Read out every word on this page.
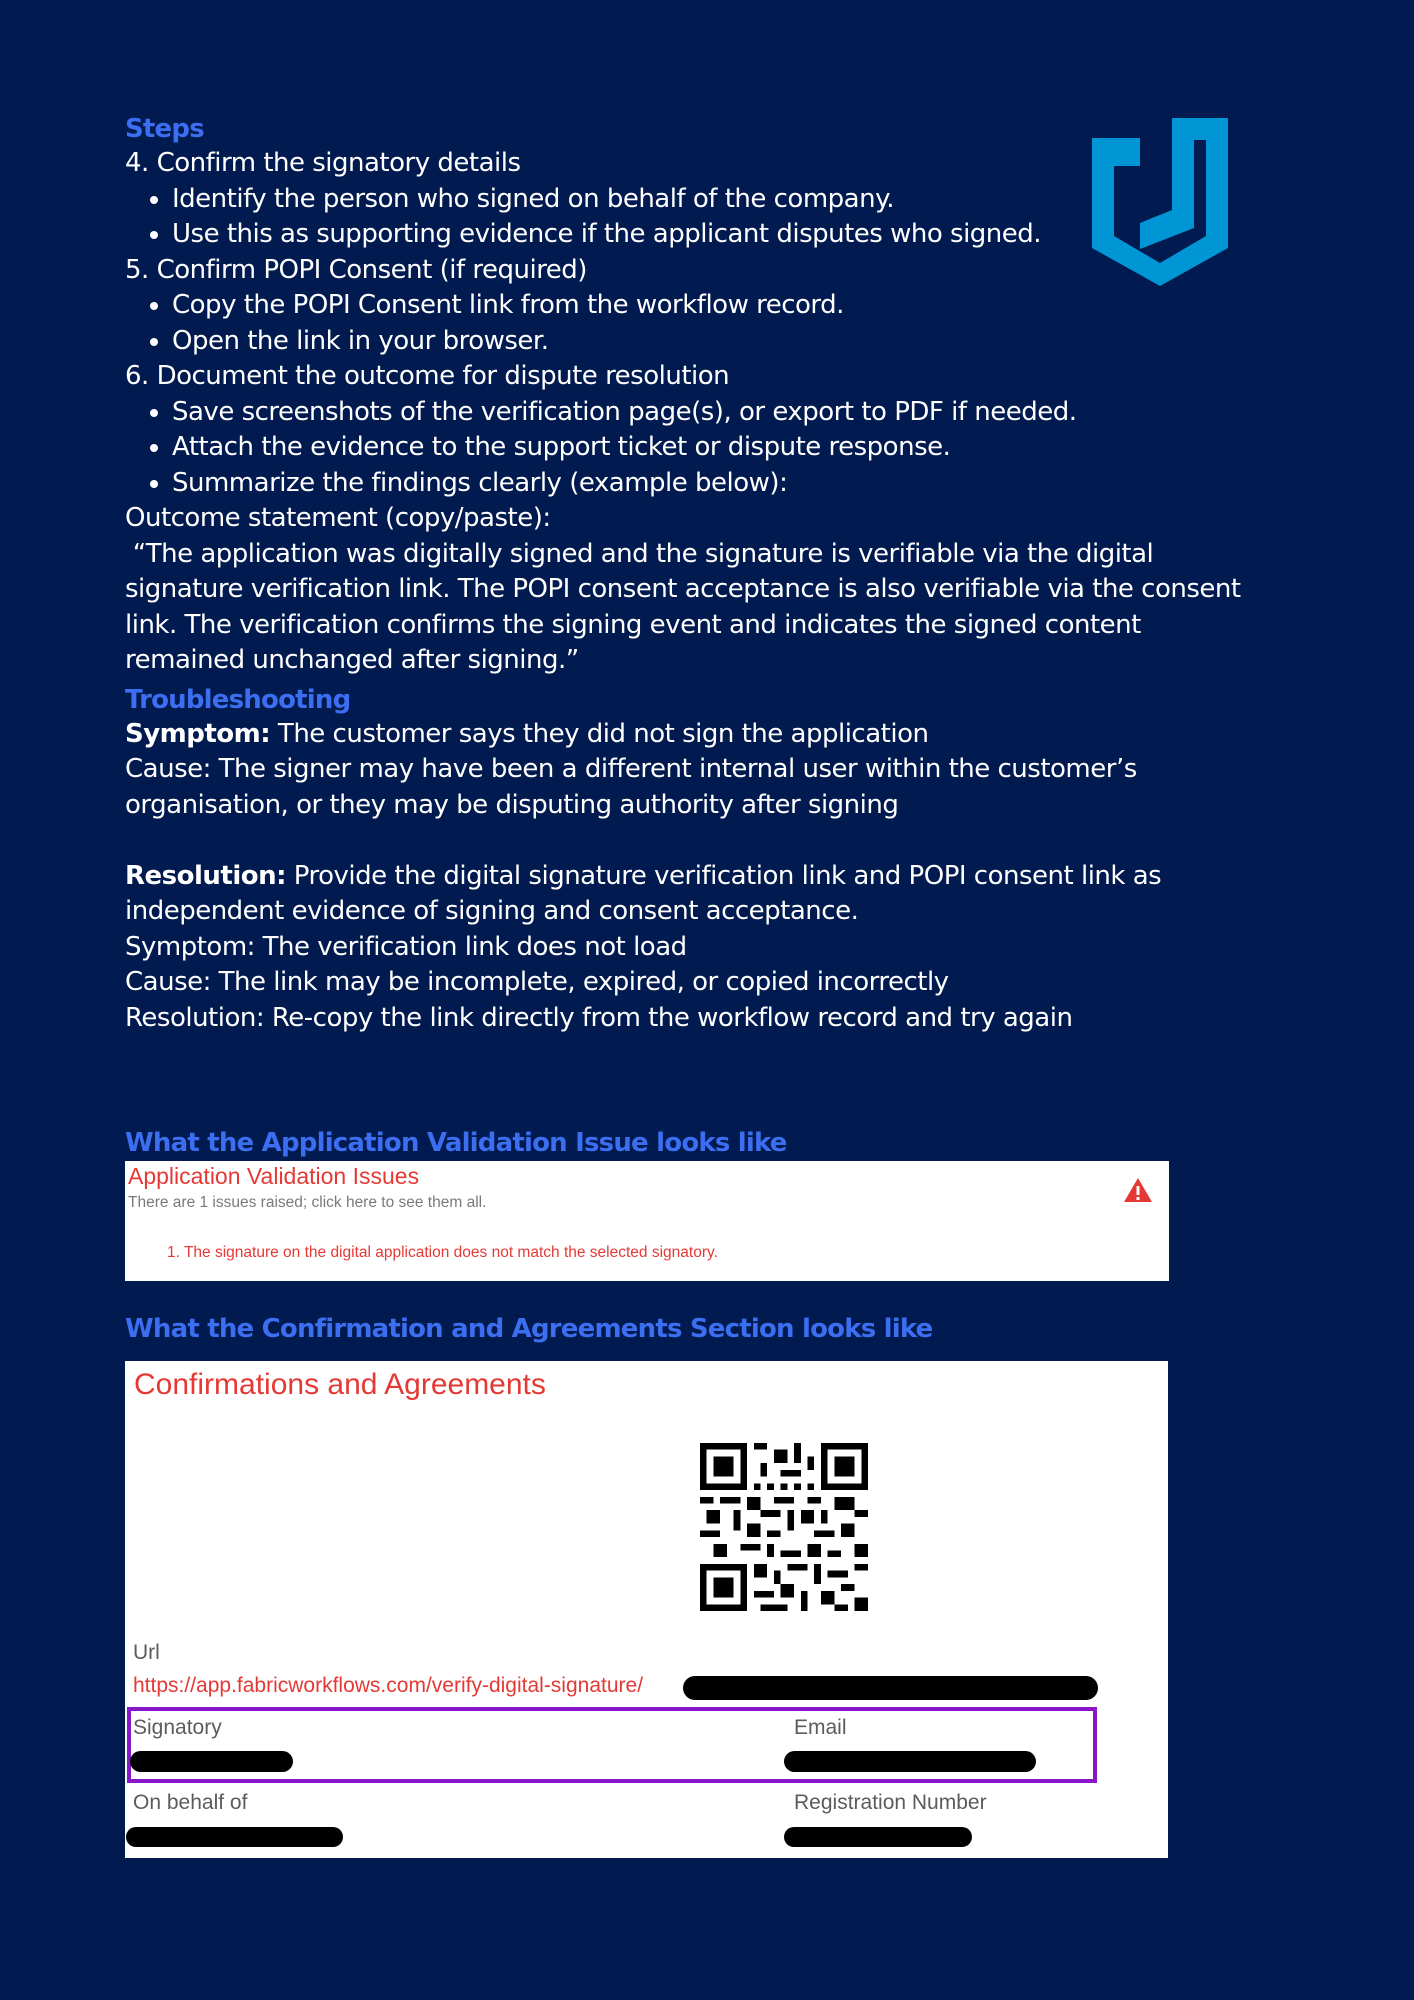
Steps
4. Confirm the signatory details
• Identify the person who signed on behalf of the company.
• Use this as supporting evidence if the applicant disputes who signed.
5. Confirm POPI Consent (if required)
• Copy the POPI Consent link from the workflow record.
• Open the link in your browser.
6. Document the outcome for dispute resolution
• Save screenshots of the verification page(s), or export to PDF if needed.
• Attach the evidence to the support ticket or dispute response.
• Summarize the findings clearly (example below):
Outcome statement (copy/paste):
“The application was digitally signed and the signature is verifiable via the digital
signature verification link. The POPI consent acceptance is also verifiable via the consent
link. The verification confirms the signing event and indicates the signed content
remained unchanged after signing.”
Troubleshooting
Symptom: The customer says they did not sign the application
Cause: The signer may have been a different internal user within the customer’s
organisation, or they may be disputing authority after signing

Resolution: Provide the digital signature verification link and POPI consent link as
independent evidence of signing and consent acceptance.
Symptom: The verification link does not load
Cause: The link may be incomplete, expired, or copied incorrectly
Resolution: Re-copy the link directly from the workflow record and try again
What the Application Validation Issue looks like
Application Validation Issues
There are 1 issues raised; click here to see them all.
1. The signature on the digital application does not match the selected signatory.
What the Confirmation and Agreements Section looks like
Confirmations and Agreements
Url
https://app.fabricworkflows.com/verify-digital-signature/
Signatory	Email
On behalf of	Registration Number
